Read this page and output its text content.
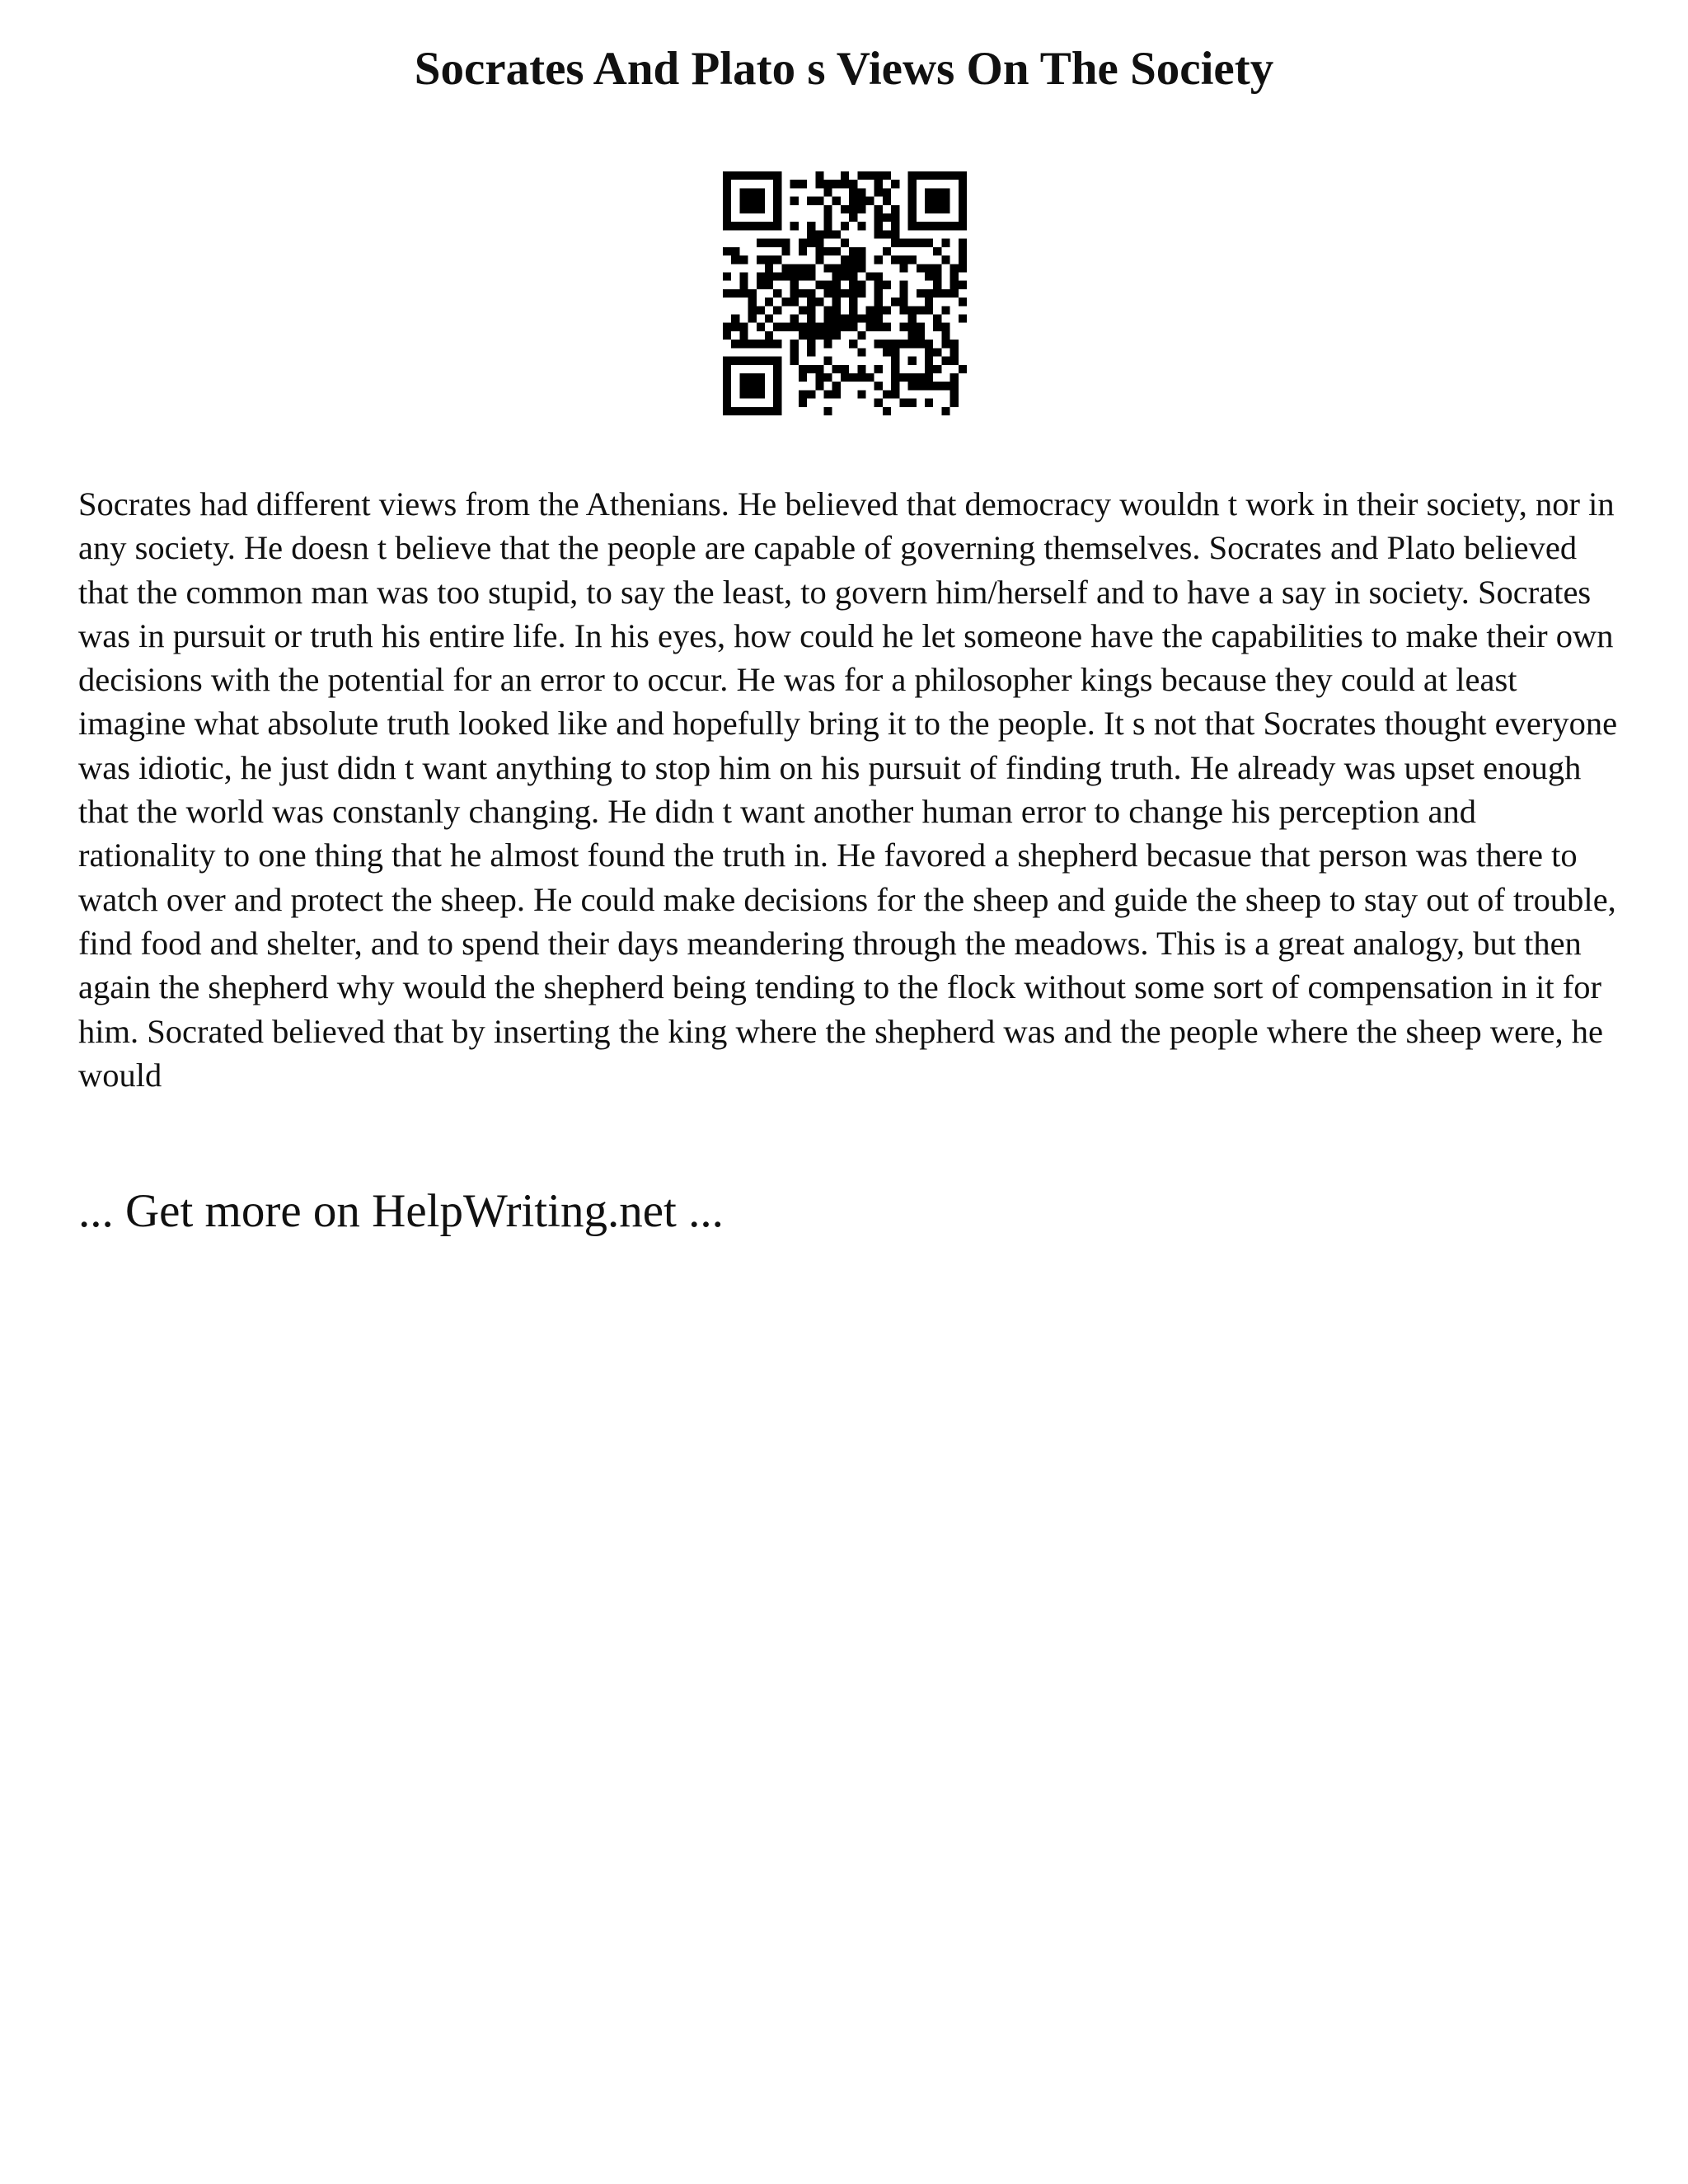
Socrates And Plato s Views On The Society

Socrates had different views from the Athenians. He believed that democracy wouldn t work in their society, nor in any society. He doesn t believe that the people are capable of governing themselves. Socrates and Plato believed that the common man was too stupid, to say the least, to govern him/herself and to have a say in society. Socrates was in pursuit or truth his entire life. In his eyes, how could he let someone have the capabilities to make their own decisions with the potential for an error to occur. He was for a philosopher kings because they could at least imagine what absolute truth looked like and hopefully bring it to the people. It s not that Socrates thought everyone was idiotic, he just didn t want anything to stop him on his pursuit of finding truth. He already was upset enough that the world was constanly changing. He didn t want another human error to change his perception and rationality to one thing that he almost found the truth in. He favored a shepherd becasue that person was there to watch over and protect the sheep. He could make decisions for the sheep and guide the sheep to stay out of trouble, find food and shelter, and to spend their days meandering through the meadows. This is a great analogy, but then again the shepherd why would the shepherd being tending to the flock without some sort of compensation in it for him. Socrated believed that by inserting the king where the shepherd was and the people where the sheep were, he would

... Get more on HelpWriting.net ...
